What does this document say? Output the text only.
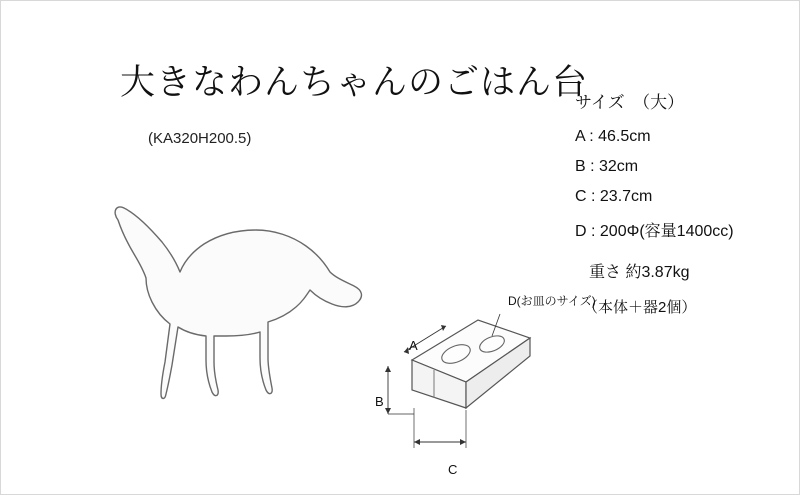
大きなわんちゃんのごはん台
(KA320H200.5)
サイズ　（大）
A : 46.5cm
B : 32cm
C : 23.7cm
D : 200Φ(容量1400cc)
重さ 約3.87kg
（本体＋器2個）
A
B
C
D(お皿のサイズ)
